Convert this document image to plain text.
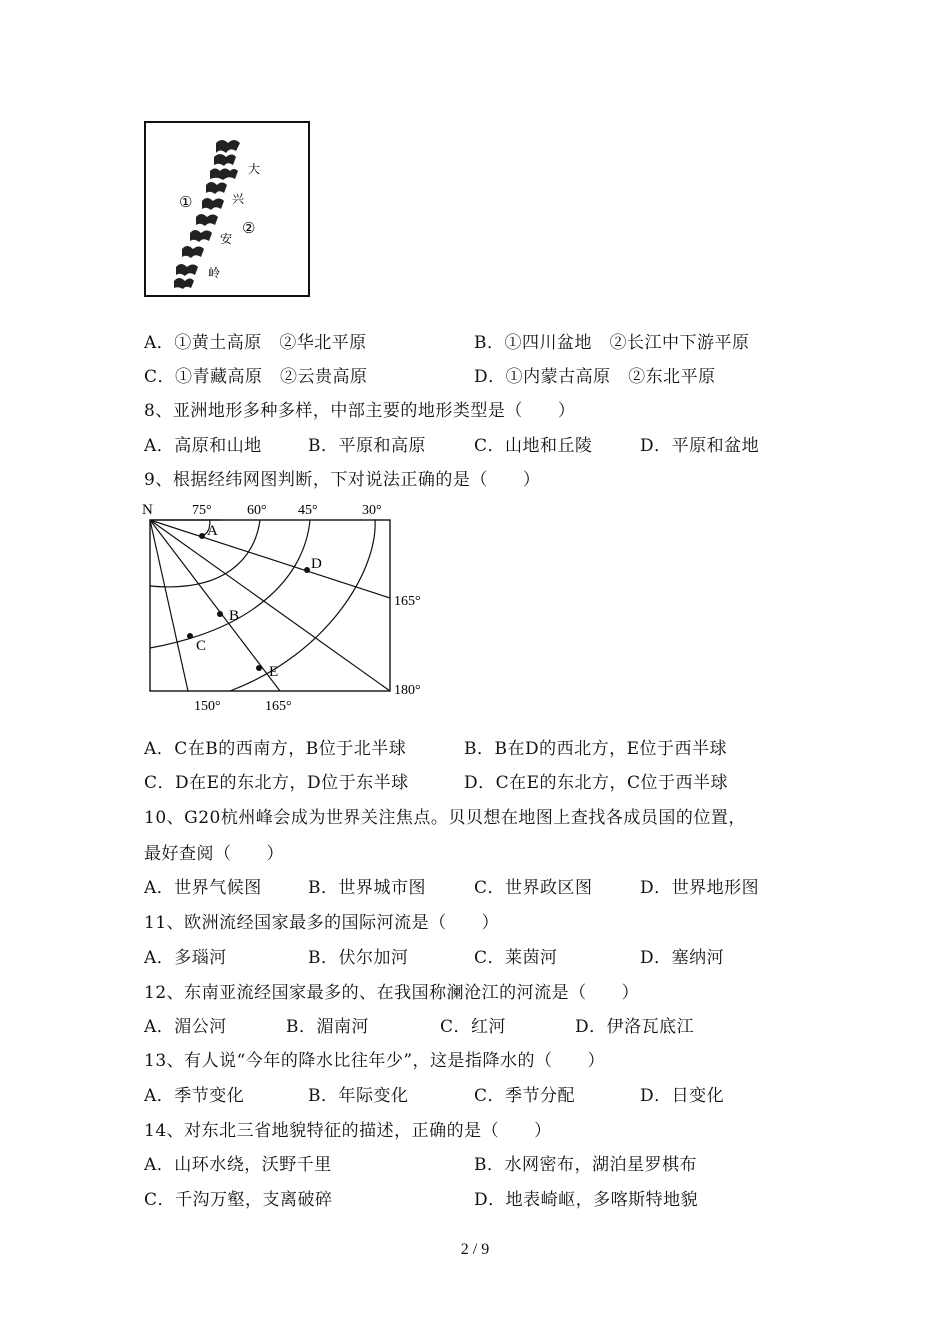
①
②
大
兴
安
岭
A．①黄土高原　②华北平原	B．①四川盆地　②长江中下游平原
C．①青藏高原　②云贵高原	D．①内蒙古高原　②东北平原
8、亚洲地形多种多样，中部主要的地形类型是（　　）
A．高原和山地	B．平原和高原	C．山地和丘陵	D．平原和盆地
9、根据经纬网图判断，下对说法正确的是（　　）
N	75°	60° 45°	30°
165°
180°
150°	165°
A
B
C
D
E
A．C在B的西南方，B位于北半球	B．B在D的西北方，E位于西半球
C．D在E的东北方，D位于东半球	D．C在E的东北方，C位于西半球
10、G20杭州峰会成为世界关注焦点。贝贝想在地图上查找各成员国的位置，
最好查阅（　　）
A．世界气候图	B．世界城市图	C．世界政区图	D．世界地形图
11、欧洲流经国家最多的国际河流是（　　）
A．多瑙河	B．伏尔加河	C．莱茵河	D．塞纳河
12、东南亚流经国家最多的、在我国称澜沧江的河流是（　　）
A．湄公河	B．湄南河	C．红河	D．伊洛瓦底江
13、有人说“今年的降水比往年少”，这是指降水的（　　）
A．季节变化	B．年际变化	C．季节分配	D．日变化
14、对东北三省地貌特征的描述，正确的是（　　）
A．山环水绕，沃野千里	B．水网密布，湖泊星罗棋布
C．千沟万壑，支离破碎	D．地表崎岖，多喀斯特地貌
2 / 9
